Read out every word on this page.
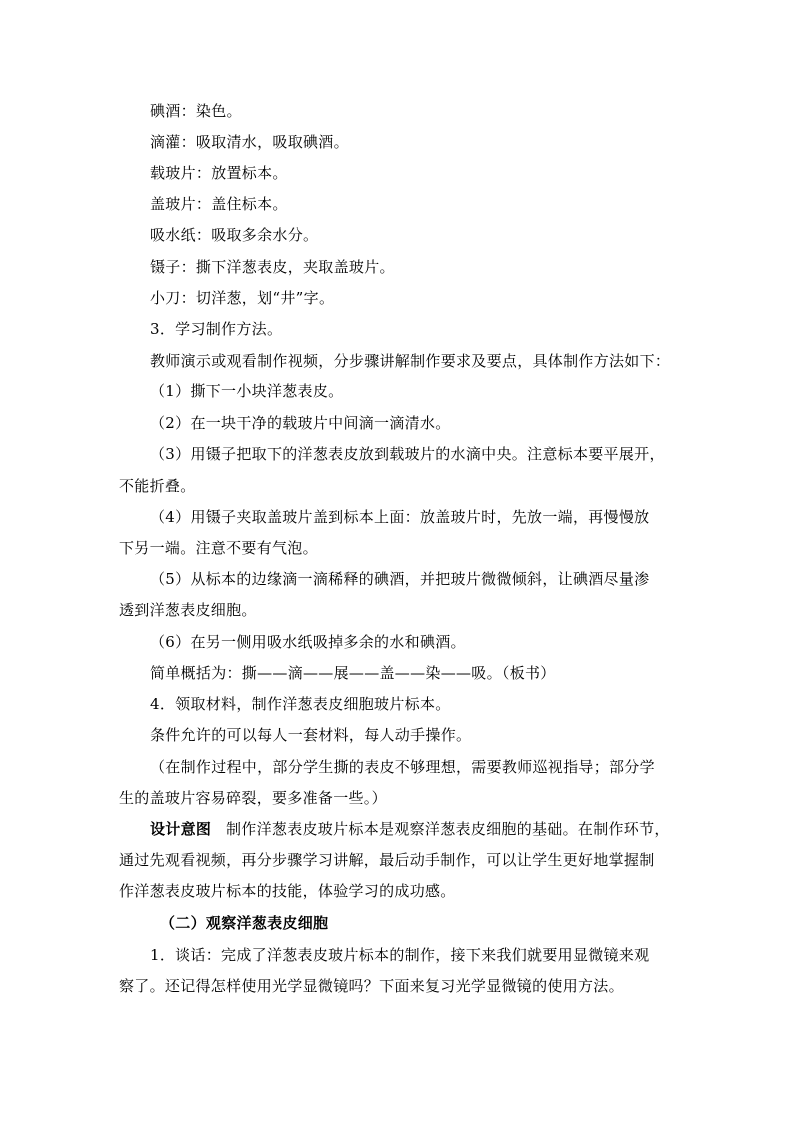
碘酒：染色。
滴灌：吸取清水，吸取碘酒。
载玻片：放置标本。
盖玻片：盖住标本。
吸水纸：吸取多余水分。
镊子：撕下洋葱表皮，夹取盖玻片。
小刀：切洋葱，划“井”字。
3．学习制作方法。
教师演示或观看制作视频，分步骤讲解制作要求及要点，具体制作方法如下：
（1）撕下一小块洋葱表皮。
（2）在一块干净的载玻片中间滴一滴清水。
（3）用镊子把取下的洋葱表皮放到载玻片的水滴中央。注意标本要平展开，
不能折叠。
（4）用镊子夹取盖玻片盖到标本上面：放盖玻片时，先放一端，再慢慢放
下另一端。注意不要有气泡。
（5）从标本的边缘滴一滴稀释的碘酒，并把玻片微微倾斜，让碘酒尽量渗
透到洋葱表皮细胞。
（6）在另一侧用吸水纸吸掉多余的水和碘酒。
简单概括为：撕——滴——展——盖——染——吸。（板书）
4．领取材料，制作洋葱表皮细胞玻片标本。
条件允许的可以每人一套材料，每人动手操作。
（在制作过程中，部分学生撕的表皮不够理想，需要教师巡视指导；部分学
生的盖玻片容易碎裂，要多准备一些。）
设计意图 制作洋葱表皮玻片标本是观察洋葱表皮细胞的基础。在制作环节，
通过先观看视频，再分步骤学习讲解，最后动手制作，可以让学生更好地掌握制
作洋葱表皮玻片标本的技能，体验学习的成功感。
（二）观察洋葱表皮细胞
1．谈话：完成了洋葱表皮玻片标本的制作，接下来我们就要用显微镜来观
察了。还记得怎样使用光学显微镜吗？下面来复习光学显微镜的使用方法。
